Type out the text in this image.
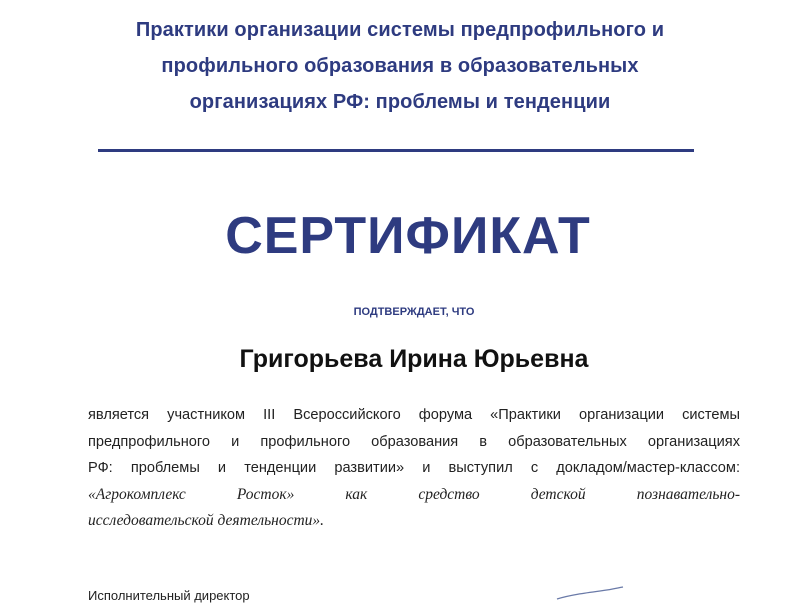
Практики организации системы предпрофильного и
профильного образования в образовательных
организациях РФ: проблемы и тенденции
СЕРТИФИКАТ
ПОДТВЕРЖДАЕТ, ЧТО
Григорьева Ирина Юрьевна
является участником III Всероссийского форума «Практики организации системы
предпрофильного и профильного образования в образовательных организациях
РФ: проблемы и тенденции развитии» и выступил с докладом/мастер-классом:
«Агрокомплекс Росток» как средство детской познавательно-
исследовательской деятельности».
Исполнительный директор
